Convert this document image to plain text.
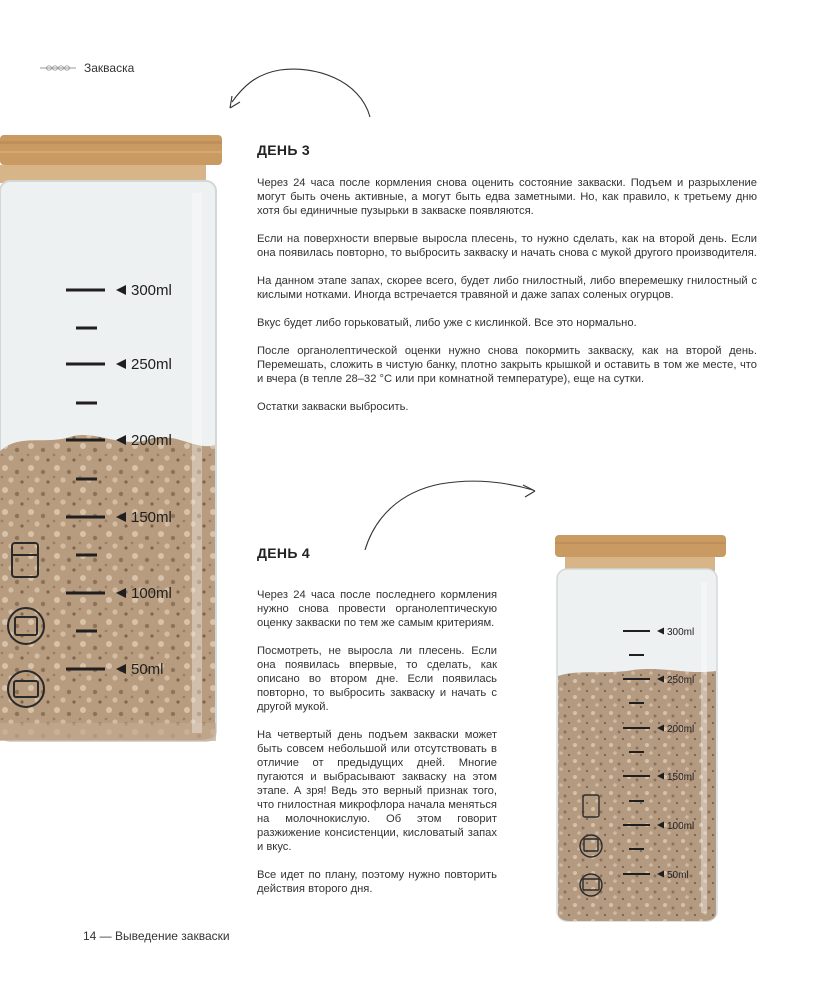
Закваска
ДЕНЬ 3

Через 24 часа после кормления снова оценить состояние закваски. Подъем и разрыхление могут быть очень активные, а могут быть едва заметными. Но, как правило, к третьему дню хотя бы единичные пузырьки в закваске появляются.

Если на поверхности впервые выросла плесень, то нужно сделать, как на второй день. Если она появилась повторно, то выбросить закваску и начать снова с мукой другого производителя.

На данном этапе запах, скорее всего, будет либо гнилостный, либо вперемешку гнилостный с кислыми нотками. Иногда встречается травяной и даже запах соленых огурцов.

Вкус будет либо горьковатый, либо уже с кислинкой. Все это нормально.

После органолептической оценки нужно снова покормить закваску, как на второй день. Перемешать, сложить в чистую банку, плотно закрыть крышкой и оставить в том же месте, что и вчера (в тепле 28–32 °С или при комнатной температуре), еще на сутки.

Остатки закваски выбросить.

ДЕНЬ 4

Через 24 часа после последнего кормления нужно снова провести органолептическую оценку закваски по тем же самым критериям.

Посмотреть, не выросла ли плесень. Если она появилась впервые, то сделать, как описано во втором дне. Если появилась повторно, то выбросить закваску и начать с другой мукой.

На четвертый день подъем закваски может быть совсем небольшой или отсутствовать в отличие от предыдущих дней. Многие пугаются и выбрасывают закваску на этом этапе. А зря! Ведь это верный признак того, что гнилостная микрофлора начала меняться на молочнокислую. Об этом говорит разжижение консистенции, кисловатый запах и вкус.

Все идет по плану, поэтому нужно повторить действия второго дня.

300ml
250ml
200ml
150ml
100ml
50ml
300ml
250ml
200ml
150ml
100ml
50ml
14 — Выведение закваски
